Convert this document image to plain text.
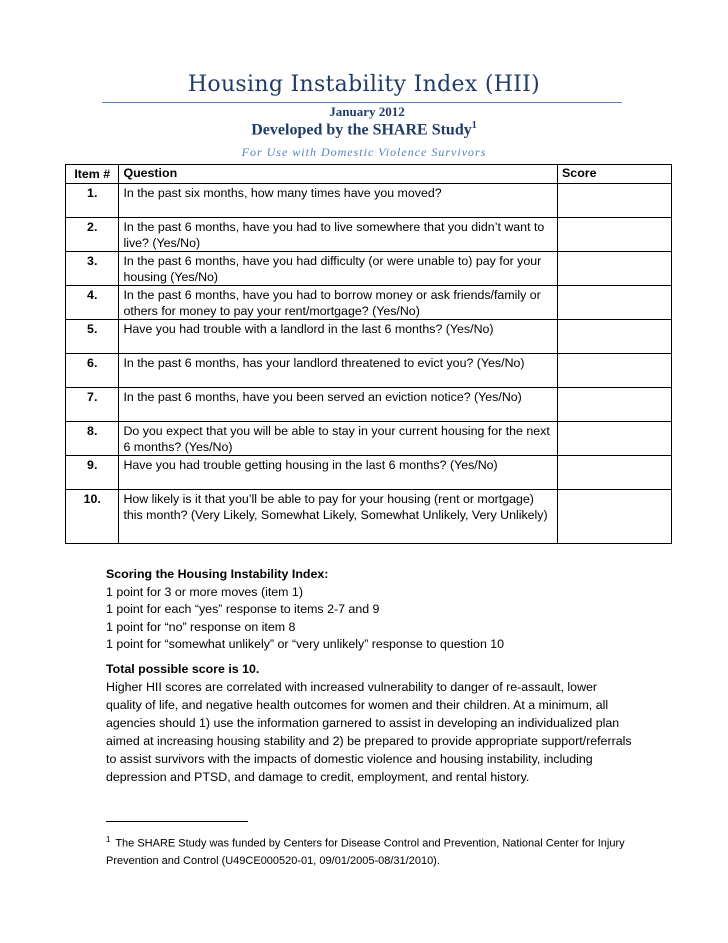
Housing Instability Index (HII)
January 2012
Developed by the SHARE Study$^1$
For Use with Domestic Violence Survivors
Item #	Question	Score
1.	In the past six months, how many times have you moved?	
2.	In the past 6 months, have you had to live somewhere that you didn’t want to live? (Yes/No)	
3.	In the past 6 months, have you had difficulty (or were unable to) pay for your housing (Yes/No)	
4.	In the past 6 months, have you had to borrow money or ask friends/family or others for money to pay your rent/mortgage? (Yes/No)	
5.	Have you had trouble with a landlord in the last 6 months? (Yes/No)	
6.	In the past 6 months, has your landlord threatened to evict you? (Yes/No)	
7.	In the past 6 months, have you been served an eviction notice? (Yes/No)	
8.	Do you expect that you will be able to stay in your current housing for the next 6 months? (Yes/No)	
9.	Have you had trouble getting housing in the last 6 months? (Yes/No)	
10.	How likely is it that you’ll be able to pay for your housing (rent or mortgage) this month? (Very Likely, Somewhat Likely, Somewhat Unlikely, Very Unlikely)	
Scoring the Housing Instability Index:
1 point for 3 or more moves (item 1)
1 point for each “yes” response to items 2-7 and 9
1 point for “no” response on item 8
1 point for “somewhat unlikely” or “very unlikely” response to question 10
Total possible score is 10.
Higher HII scores are correlated with increased vulnerability to danger of re-assault, lower quality of life, and negative health outcomes for women and their children. At a minimum, all agencies should 1) use the information garnered to assist in developing an individualized plan aimed at increasing housing stability and 2) be prepared to provide appropriate support/referrals to assist survivors with the impacts of domestic violence and housing instability, including depression and PTSD, and damage to credit, employment, and rental history.
$^1$ The SHARE Study was funded by Centers for Disease Control and Prevention, National Center for Injury Prevention and Control (U49CE000520-01, 09/01/2005-08/31/2010).
